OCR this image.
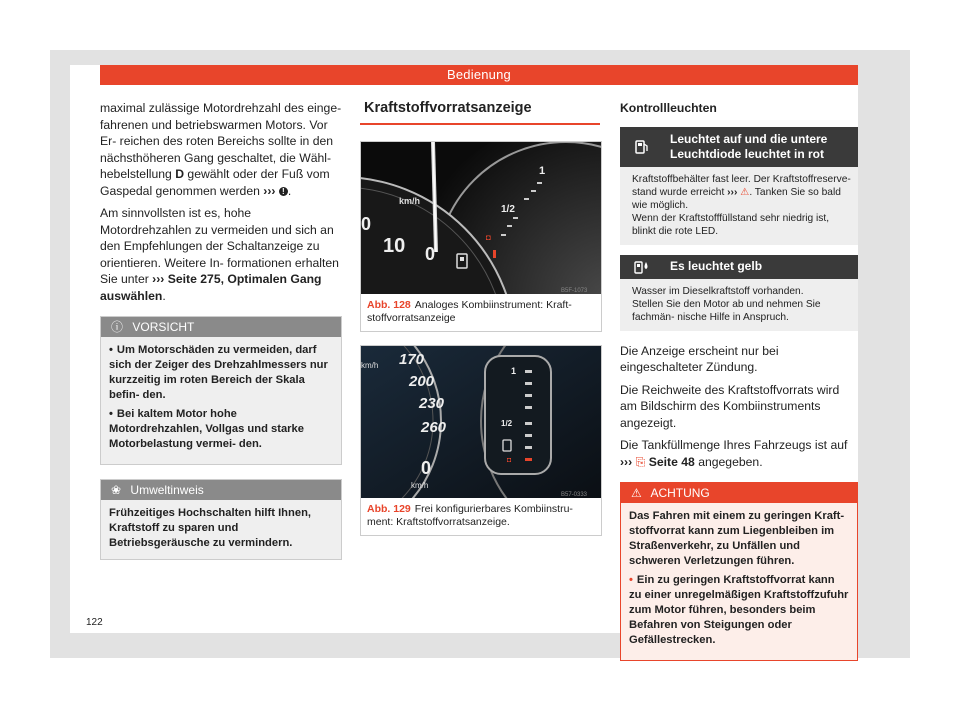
Bedienung

maximal zulässige Motordrehzahl des einge- fahrenen und betriebswarmen Motors. Vor Er- reichen des roten Bereichs sollte in den nächsthöheren Gang geschaltet, die Wähl- hebelstellung D gewählt oder der Fuß vom Gaspedal genommen werden ››› ! .

Am sinnvollsten ist es, hohe Motordrehzahlen zu vermeiden und sich an den Empfehlungen der Schaltanzeige zu orientieren. Weitere In- formationen erhalten Sie unter ››› Seite 275, Optimalen Gang auswählen.

ⓘ VORSICHT
• Um Motorschäden zu vermeiden, darf sich der Zeiger des Drehzahlmessers nur kurzzeitig im roten Bereich der Skala befin- den.
• Bei kaltem Motor hohe Motordrehzahlen, Vollgas und starke Motorbelastung vermei- den.
❀ Umweltinweis
Frühzeitiges Hochschalten hilft Ihnen, Kraftstoff zu sparen und Betriebsgeräusche zu vermindern.
Kraftstoffvorratsanzeige
km/h
0
10 0
1
1/2
◘
B5F-1073
Abb. 128 Analoges Kombiinstrument: Kraft- stoffvorratsanzeige
km/h 170
200
230
260
0
km/h
1
1/2
◘
B57-0333
Abb. 129 Frei konfigurierbares Kombiinstru- ment: Kraftstoffvorratsanzeige.
Kontrollleuchten
Leuchtet auf und die untere Leuchtdiode leuchtet in rot
Kraftstoffbehälter fast leer. Der Kraftstoffreserve- stand wurde erreicht ››› ⚠. Tanken Sie so bald wie möglich.
Wenn der Kraftstofffüllstand sehr niedrig ist, blinkt die rote LED.
Es leuchtet gelb
Wasser im Dieselkraftstoff vorhanden.
Stellen Sie den Motor ab und nehmen Sie fachmän- nische Hilfe in Anspruch.

Die Anzeige erscheint nur bei eingeschalteter Zündung.

Die Reichweite des Kraftstoffvorrats wird am Bildschirm des Kombiinstruments angezeigt.

Die Tankfüllmenge Ihres Fahrzeugs ist auf
››› ⎘ Seite 48 angegeben.

⚠ ACHTUNG
Das Fahren mit einem zu geringen Kraft- stoffvorrat kann zum Liegenbleiben im Straßenverkehr, zu Unfällen und schweren Verletzungen führen.
• Ein zu geringen Kraftstoffvorrat kann zu einer unregelmäßigen Kraftstoffzufuhr zum Motor führen, besonders beim Befahren von Steigungen oder Gefällestrecken.
122
